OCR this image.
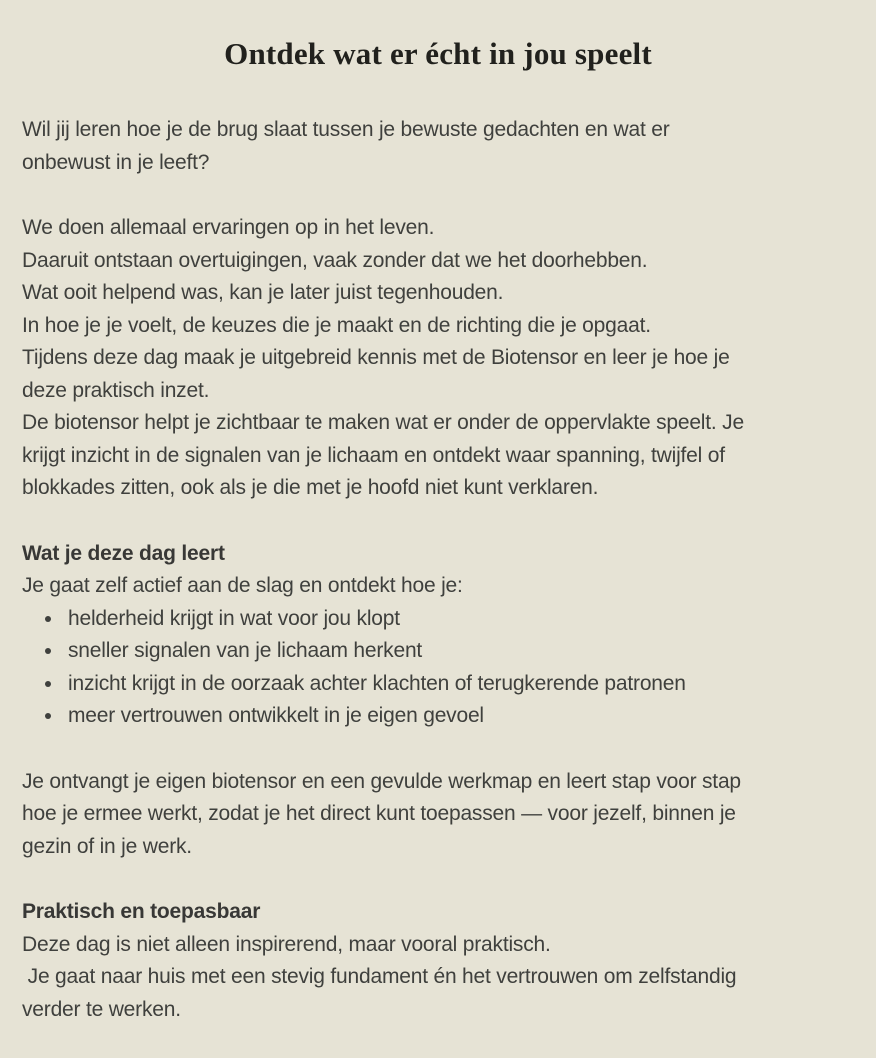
Ontdek wat er écht in jou speelt

Wil jij leren hoe je de brug slaat tussen je bewuste gedachten en wat er
onbewust in je leeft?

We doen allemaal ervaringen op in het leven.
Daaruit ontstaan overtuigingen, vaak zonder dat we het doorhebben.
Wat ooit helpend was, kan je later juist tegenhouden.
In hoe je je voelt, de keuzes die je maakt en de richting die je opgaat.
Tijdens deze dag maak je uitgebreid kennis met de Biotensor en leer je hoe je
deze praktisch inzet.
De biotensor helpt je zichtbaar te maken wat er onder de oppervlakte speelt. Je
krijgt inzicht in de signalen van je lichaam en ontdekt waar spanning, twijfel of
blokkades zitten, ook als je die met je hoofd niet kunt verklaren.

Wat je deze dag leert

Je gaat zelf actief aan de slag en ontdekt hoe je:

• helderheid krijgt in wat voor jou klopt
• sneller signalen van je lichaam herkent
• inzicht krijgt in de oorzaak achter klachten of terugkerende patronen
• meer vertrouwen ontwikkelt in je eigen gevoel

Je ontvangt je eigen biotensor en een gevulde werkmap en leert stap voor stap
hoe je ermee werkt, zodat je het direct kunt toepassen — voor jezelf, binnen je
gezin of in je werk.

Praktisch en toepasbaar

Deze dag is niet alleen inspirerend, maar vooral praktisch.
Je gaat naar huis met een stevig fundament én het vertrouwen om zelfstandig
verder te werken.
